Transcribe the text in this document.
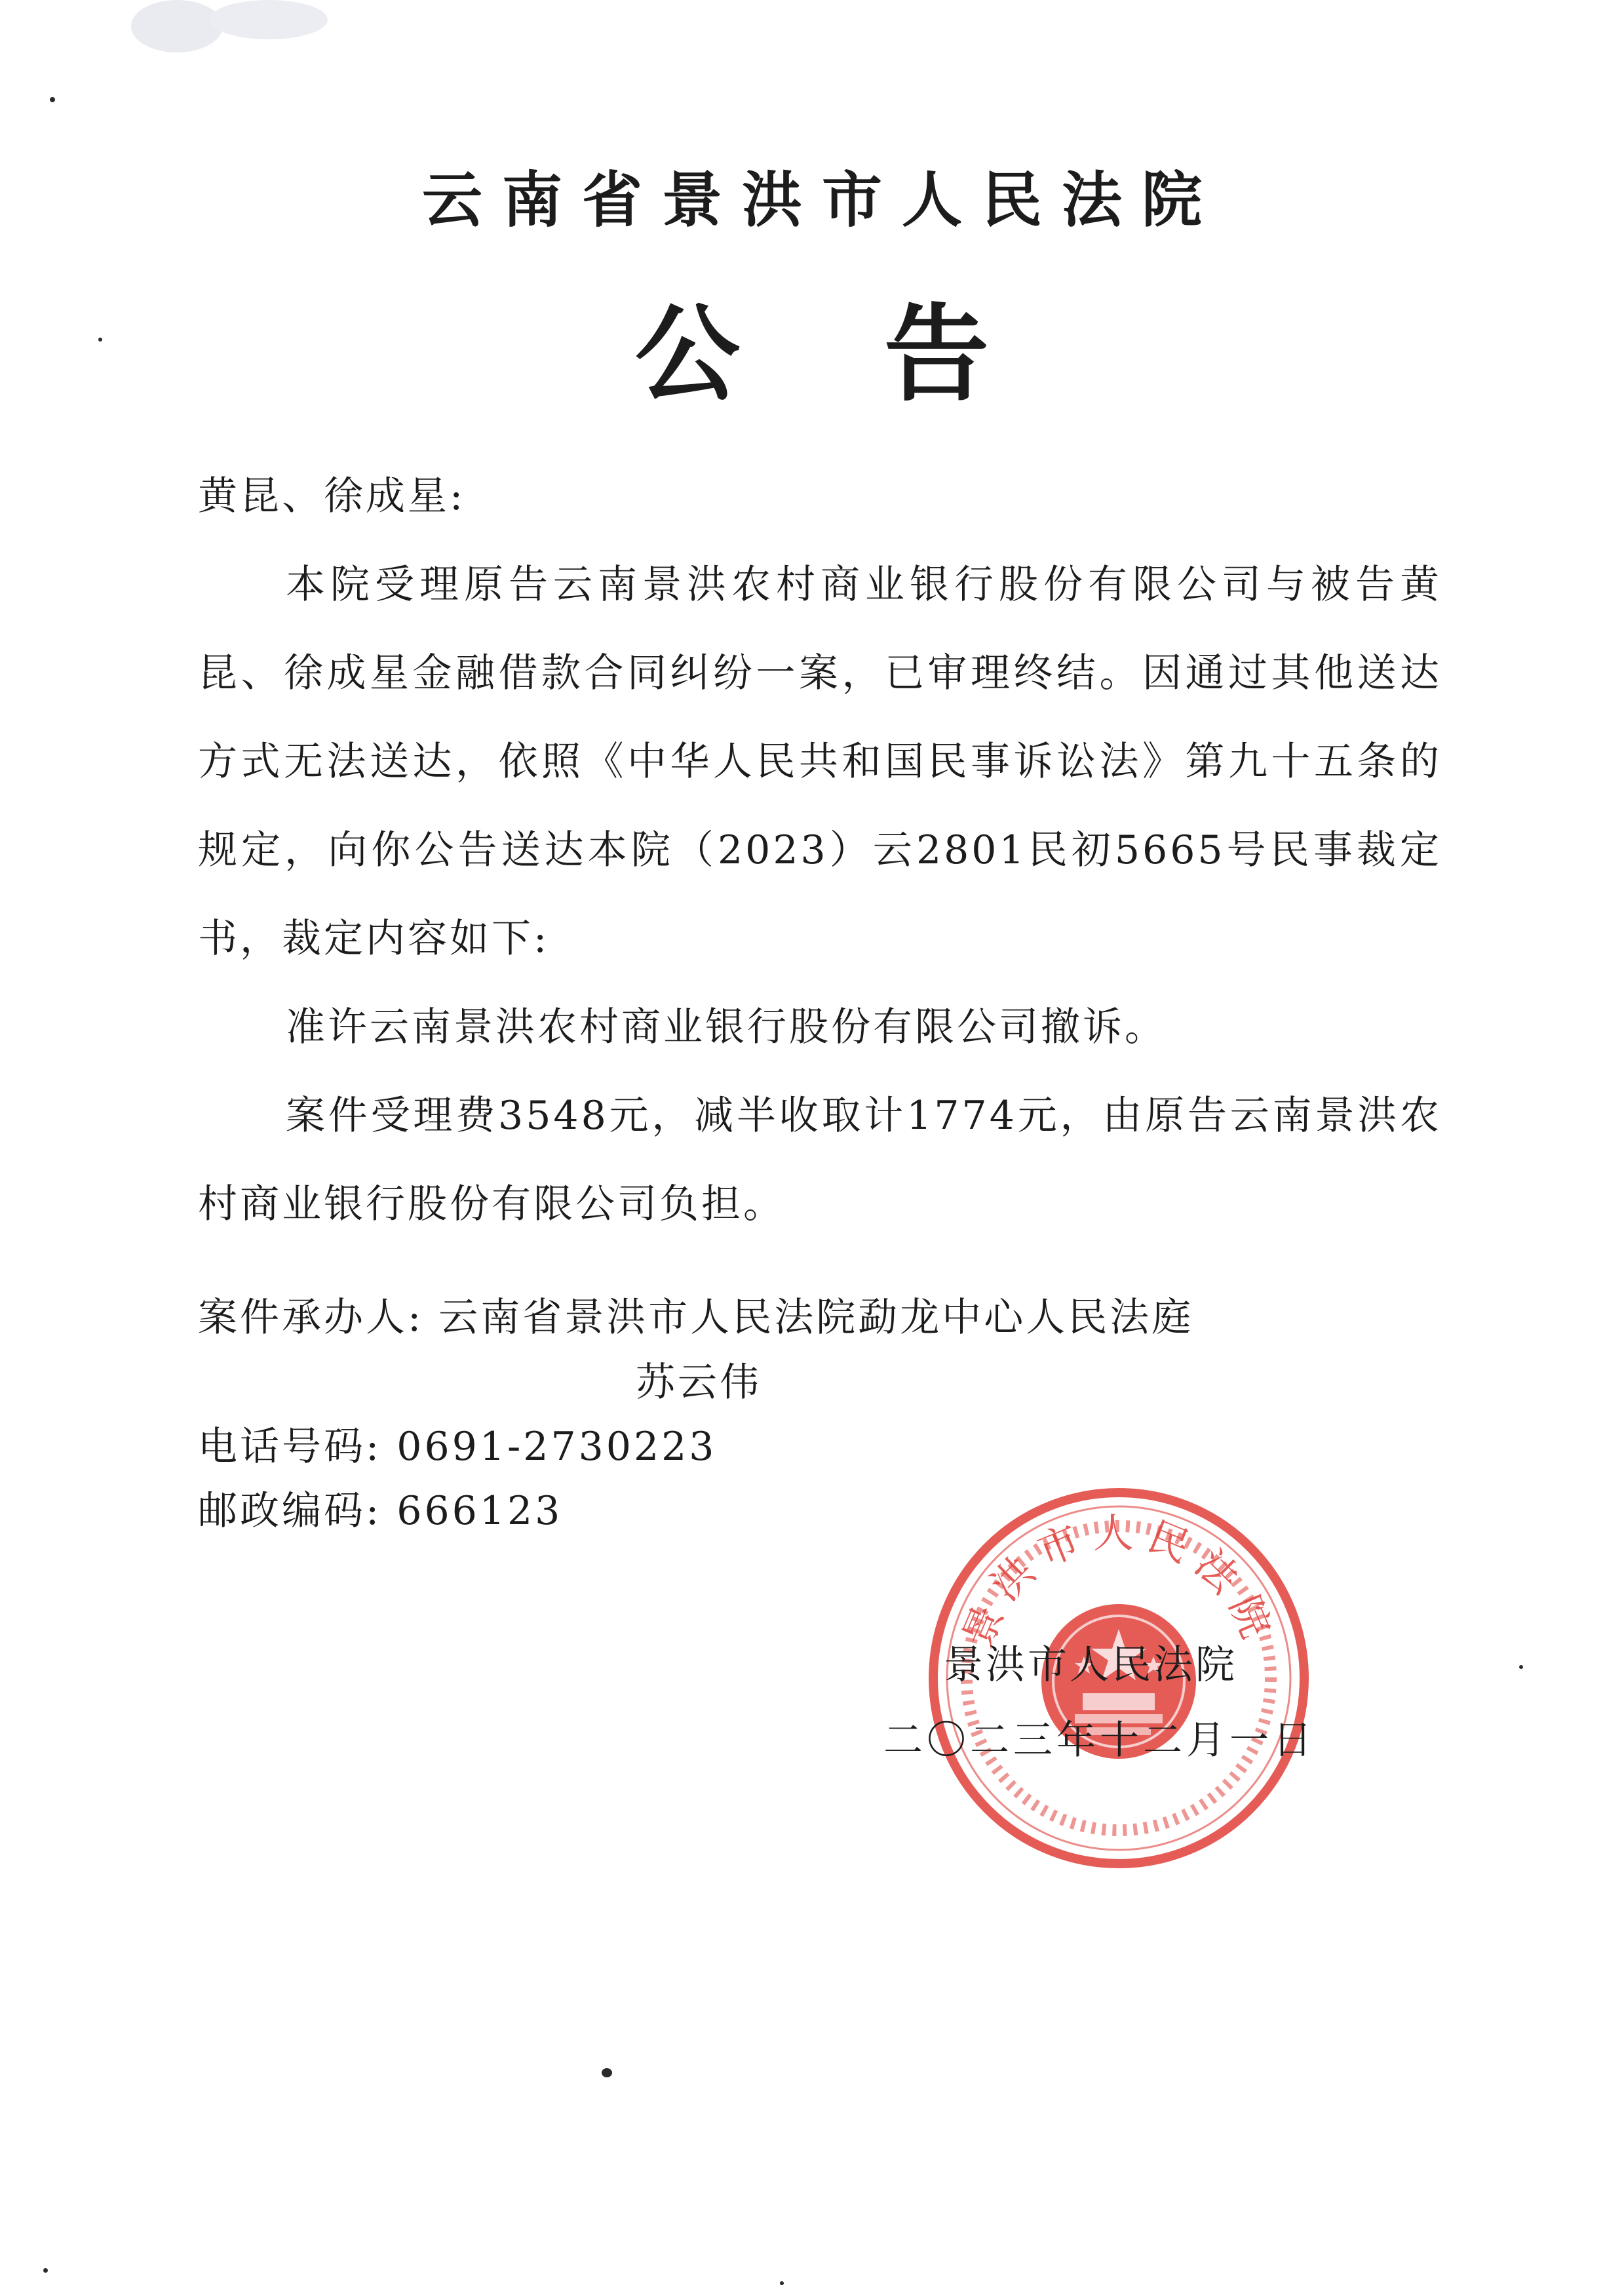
云南省景洪市人民法院
公告

黄昆、徐成星:

本院受理原告云南景洪农村商业银行股份有限公司与被告黄昆、徐成星金融借款合同纠纷一案，已审理终结。因通过其他送达方式无法送达，依照《中华人民共和国民事诉讼法》第九十五条的规定，向你公告送达本院（2023）云2801民初5665号民事裁定书，裁定内容如下:

准许云南景洪农村商业银行股份有限公司撤诉。

案件受理费3548元，减半收取计1774元，由原告云南景洪农村商业银行股份有限公司负担。

案件承办人: 云南省景洪市人民法院勐龙中心人民法庭
苏云伟
电话号码: 0691-2730223
邮政编码: 666123
景洪市人民法院
景洪市人民法院
二〇二三年十二月一日
